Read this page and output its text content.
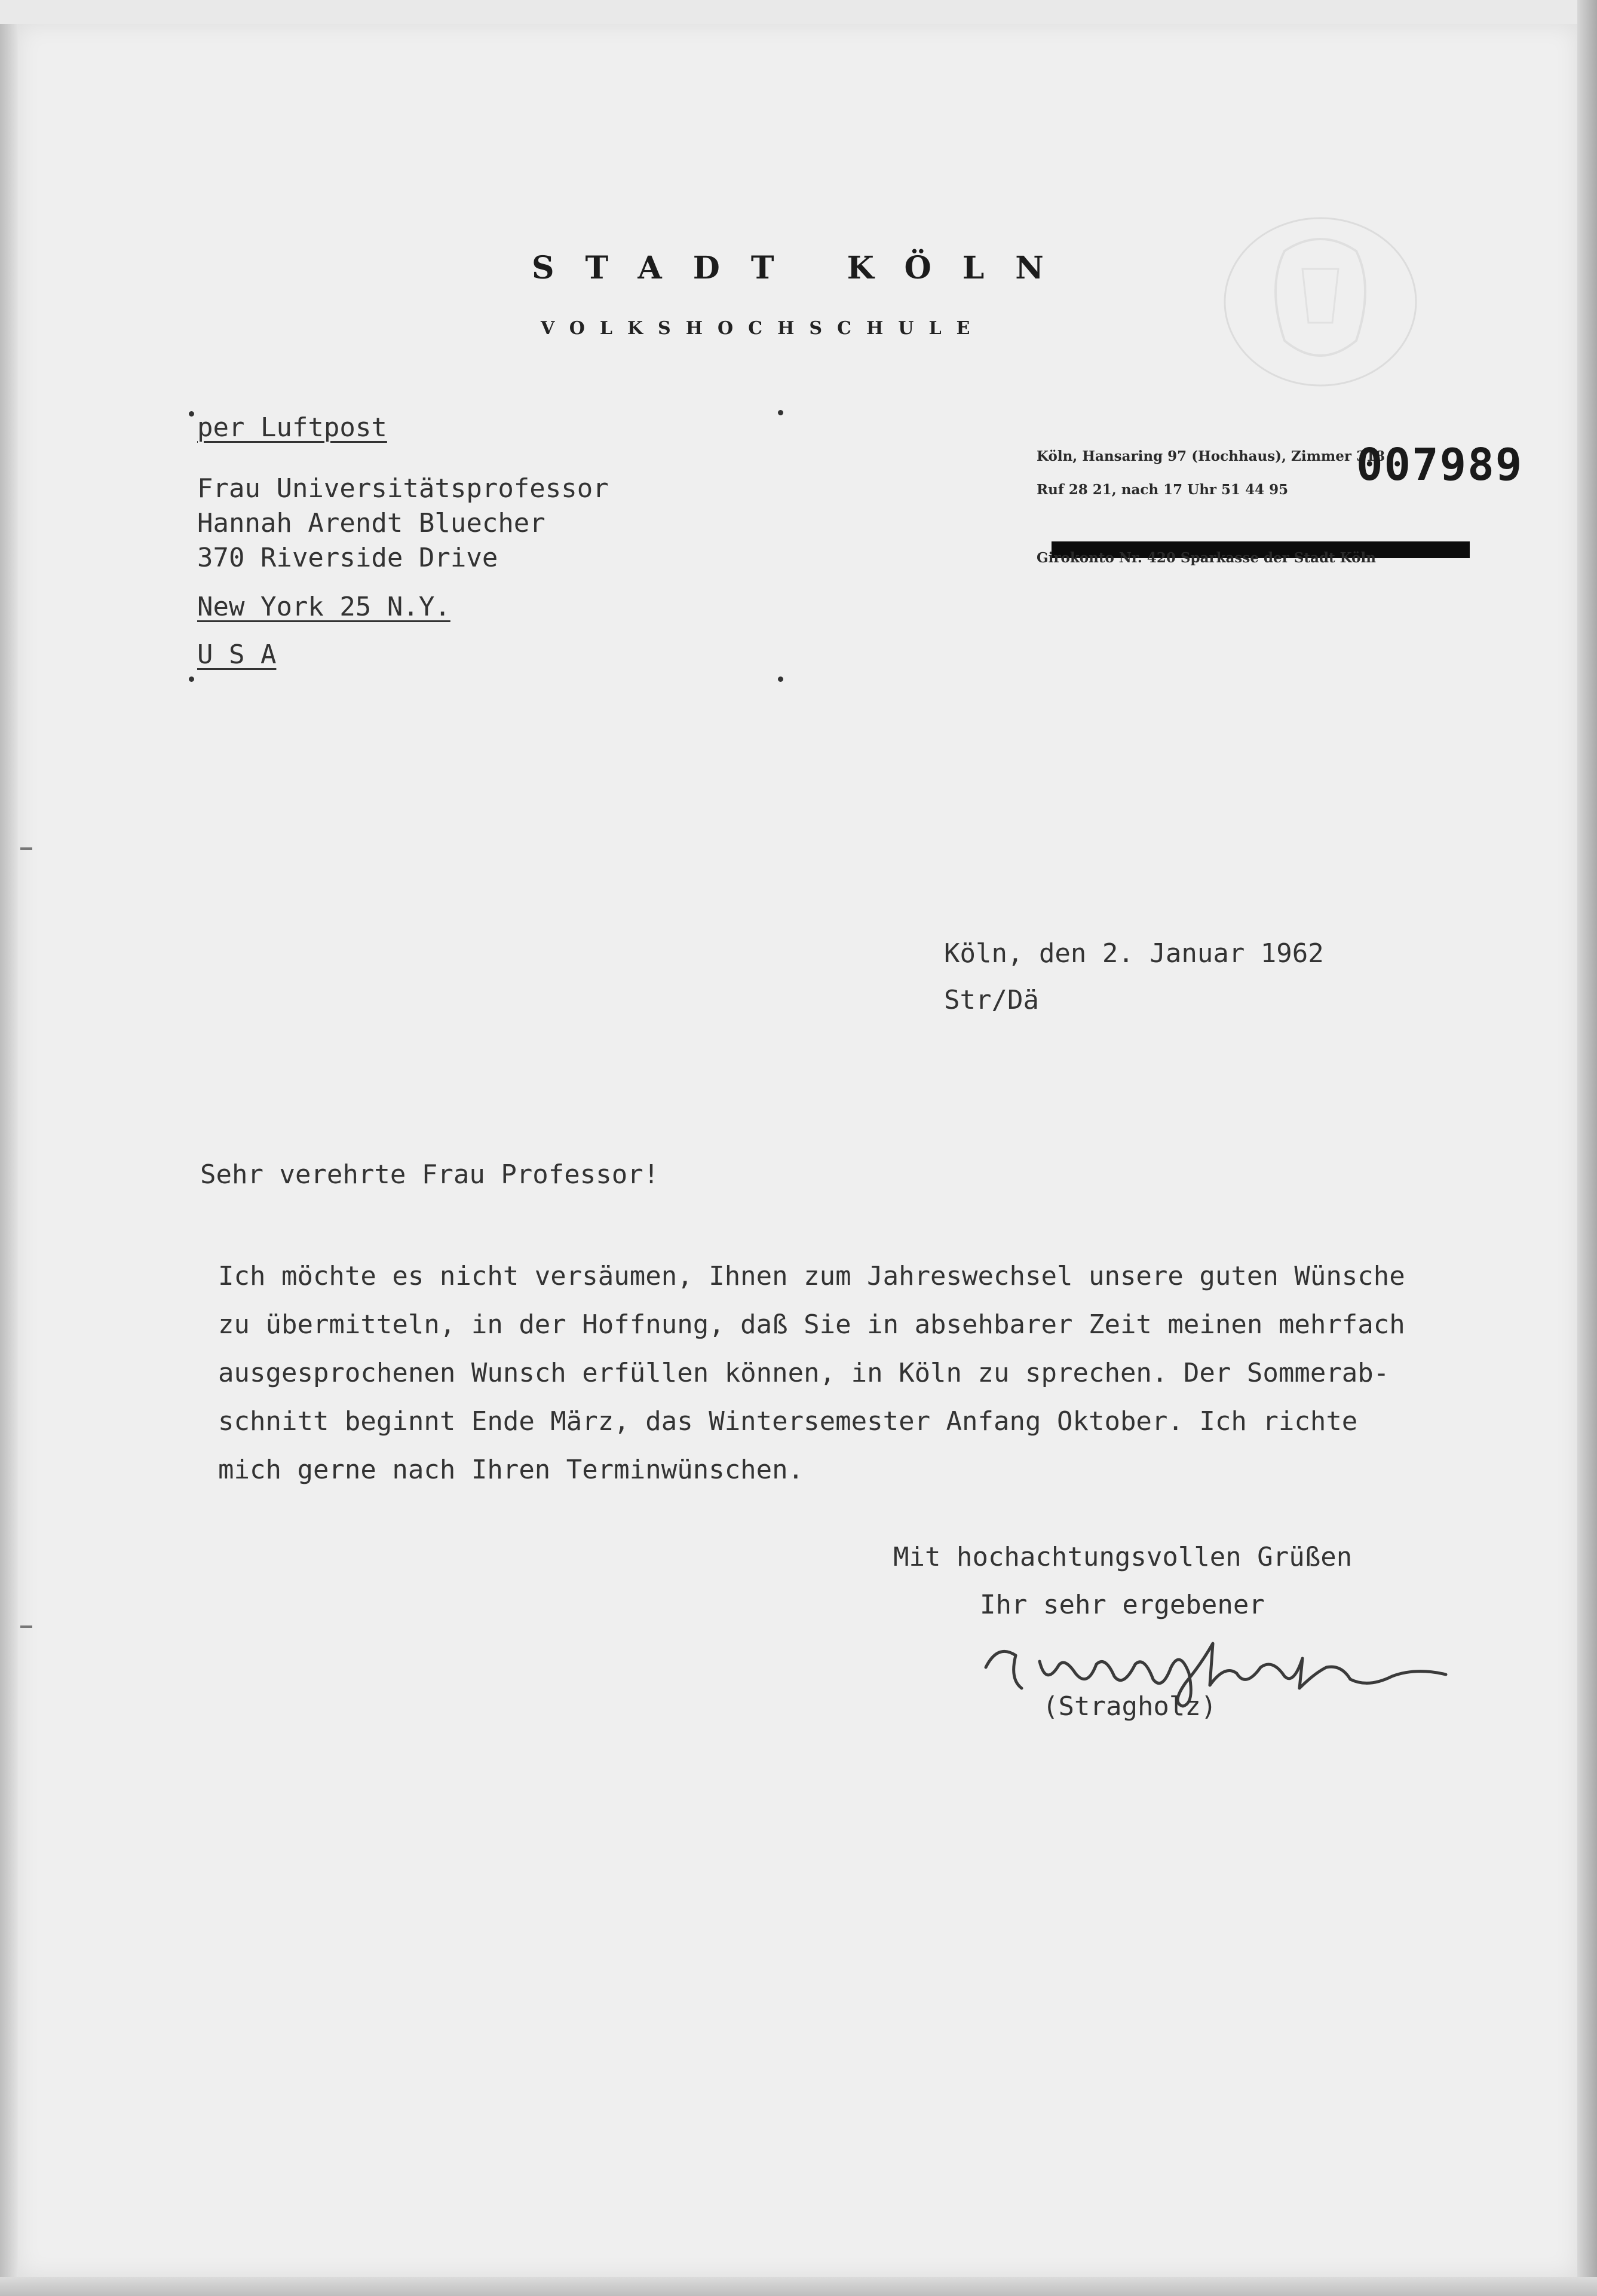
STADT KÖLN
VOLKSHOCHSCHULE
per Luftpost
Frau Universitätsprofessor
Hannah Arendt Bluecher
370 Riverside Drive
New York 25 N.Y.
U S A
Köln, Hansaring 97 (Hochhaus), Zimmer 318
Ruf 28 21, nach 17 Uhr 51 44 95
Girokonto Nr. 420 Sparkasse der Stadt Köln
007989
Köln, den 2. Januar 1962
Str/Dä
Sehr verehrte Frau Professor!
Ich möchte es nicht versäumen, Ihnen zum Jahreswechsel unsere guten Wünsche
zu übermitteln, in der Hoffnung, daß Sie in absehbarer Zeit meinen mehrfach
ausgesprochenen Wunsch erfüllen können, in Köln zu sprechen. Der Sommerab-
schnitt beginnt Ende März, das Wintersemester Anfang Oktober. Ich richte
mich gerne nach Ihren Terminwünschen.
Mit hochachtungsvollen Grüßen
Ihr sehr ergebener
(Stragholz)
